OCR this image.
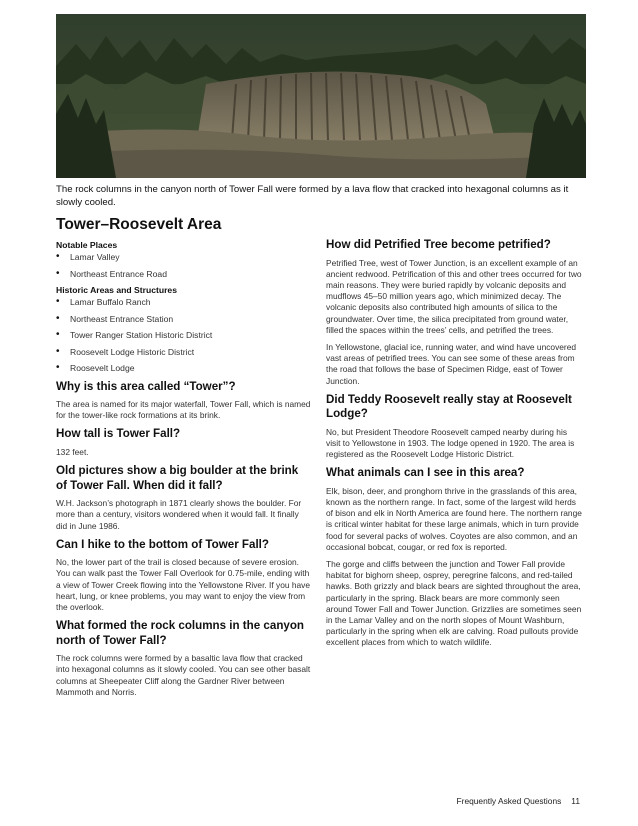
The rock columns in the canyon north of Tower Fall were formed by a lava flow that cracked into hexagonal columns as it slowly cooled.
Tower–Roosevelt Area
Notable Places
• Lamar Valley
• Northeast Entrance Road
Historic Areas and Structures
• Lamar Buffalo Ranch
• Northeast Entrance Station
• Tower Ranger Station Historic District
• Roosevelt Lodge Historic District
• Roosevelt Lodge
Why is this area called “Tower”?

The area is named for its major waterfall, Tower Fall, which is named for the tower-like rock formations at its brink.

How tall is Tower Fall?

132 feet.

Old pictures show a big boulder at the brink of Tower Fall. When did it fall?

W.H. Jackson’s photograph in 1871 clearly shows the boulder. For more than a century, visitors wondered when it would fall. It finally did in June 1986.

Can I hike to the bottom of Tower Fall?

No, the lower part of the trail is closed because of severe erosion. You can walk past the Tower Fall Overlook for 0.75-mile, ending with a view of Tower Creek flowing into the Yellowstone River. If you have heart, lung, or knee problems, you may want to enjoy the view from the overlook.

What formed the rock columns in the canyon north of Tower Fall?

The rock columns were formed by a basaltic lava flow that cracked into hexagonal columns as it slowly cooled. You can see other basalt columns at Sheepeater Cliff along the Gardner River between Mammoth and Norris.

How did Petrified Tree become petrified?

Petrified Tree, west of Tower Junction, is an excellent example of an ancient redwood. Petrification of this and other trees occurred for two main reasons. They were buried rapidly by volcanic deposits and mudflows 45–50 million years ago, which minimized decay. The volcanic deposits also contributed high amounts of silica to the groundwater. Over time, the silica precipitated from ground water, filled the spaces within the trees’ cells, and petrified the trees.

In Yellowstone, glacial ice, running water, and wind have uncovered vast areas of petrified trees. You can see some of these areas from the road that follows the base of Specimen Ridge, east of Tower Junction.

Did Teddy Roosevelt really stay at Roosevelt Lodge?

No, but President Theodore Roosevelt camped nearby during his visit to Yellowstone in 1903. The lodge opened in 1920. The area is registered as the Roosevelt Lodge Historic District.

What animals can I see in this area?

Elk, bison, deer, and pronghorn thrive in the grasslands of this area, known as the northern range. In fact, some of the largest wild herds of bison and elk in North America are found here. The northern range is critical winter habitat for these large animals, which in turn provide food for several packs of wolves. Coyotes are also common, and an occasional bobcat, cougar, or red fox is reported.

The gorge and cliffs between the junction and Tower Fall provide habitat for bighorn sheep, osprey, peregrine falcons, and red-tailed hawks. Both grizzly and black bears are sighted throughout the area, particularly in the spring. Black bears are more commonly seen around Tower Fall and Tower Junction. Grizzlies are sometimes seen in the Lamar Valley and on the north slopes of Mount Washburn, particularly in the spring when elk are calving. Road pullouts provide excellent places from which to watch wildlife.

Frequently Asked Questions 11
